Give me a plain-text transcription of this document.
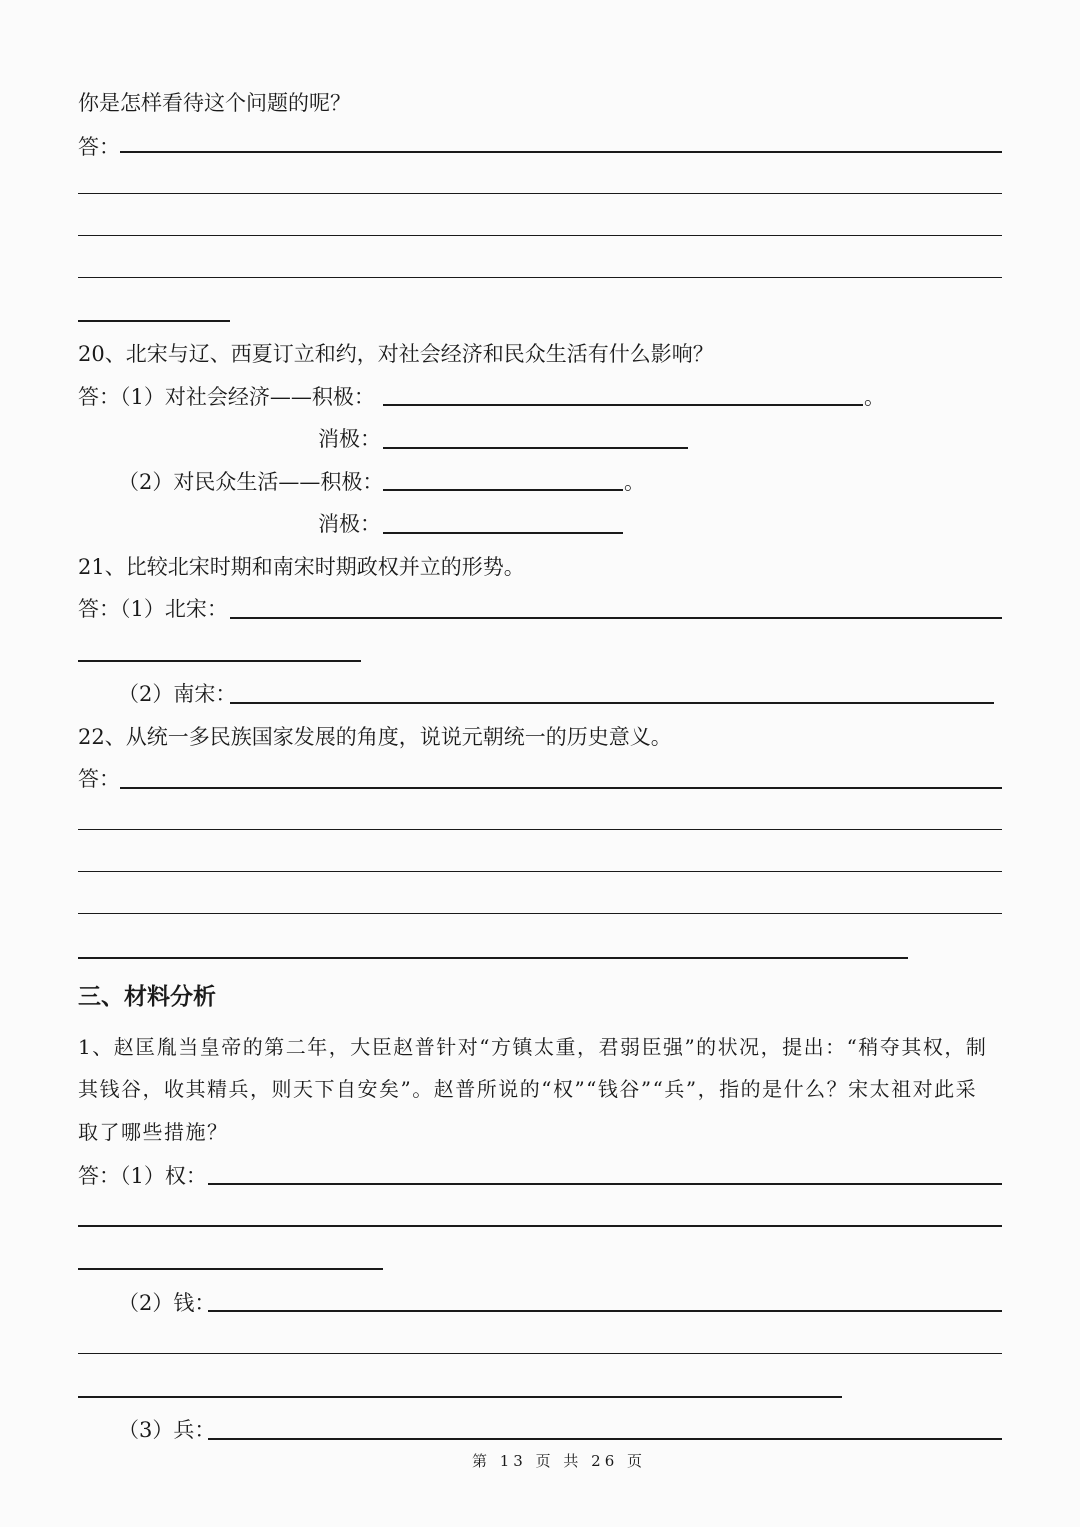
你是怎样看待这个问题的呢？
答：
20、北宋与辽、西夏订立和约，对社会经济和民众生活有什么影响？
答：（1）对社会经济——积极：	。
消极：
（2）对民众生活——积极：	。
消极：
21、比较北宋时期和南宋时期政权并立的形势。
答：（1）北宋：
（2）南宋：
22、从统一多民族国家发展的角度，说说元朝统一的历史意义。
答：
三、材料分析
1、赵匡胤当皇帝的第二年，大臣赵普针对“方镇太重，君弱臣强”的状况，提出：“稍夺其权，制
其钱谷，收其精兵，则天下自安矣”。赵普所说的“权”“钱谷”“兵”，指的是什么？宋太祖对此采
取了哪些措施？
答：（1）权：
（2）钱：
（3）兵：
第 13 页 共 26 页
